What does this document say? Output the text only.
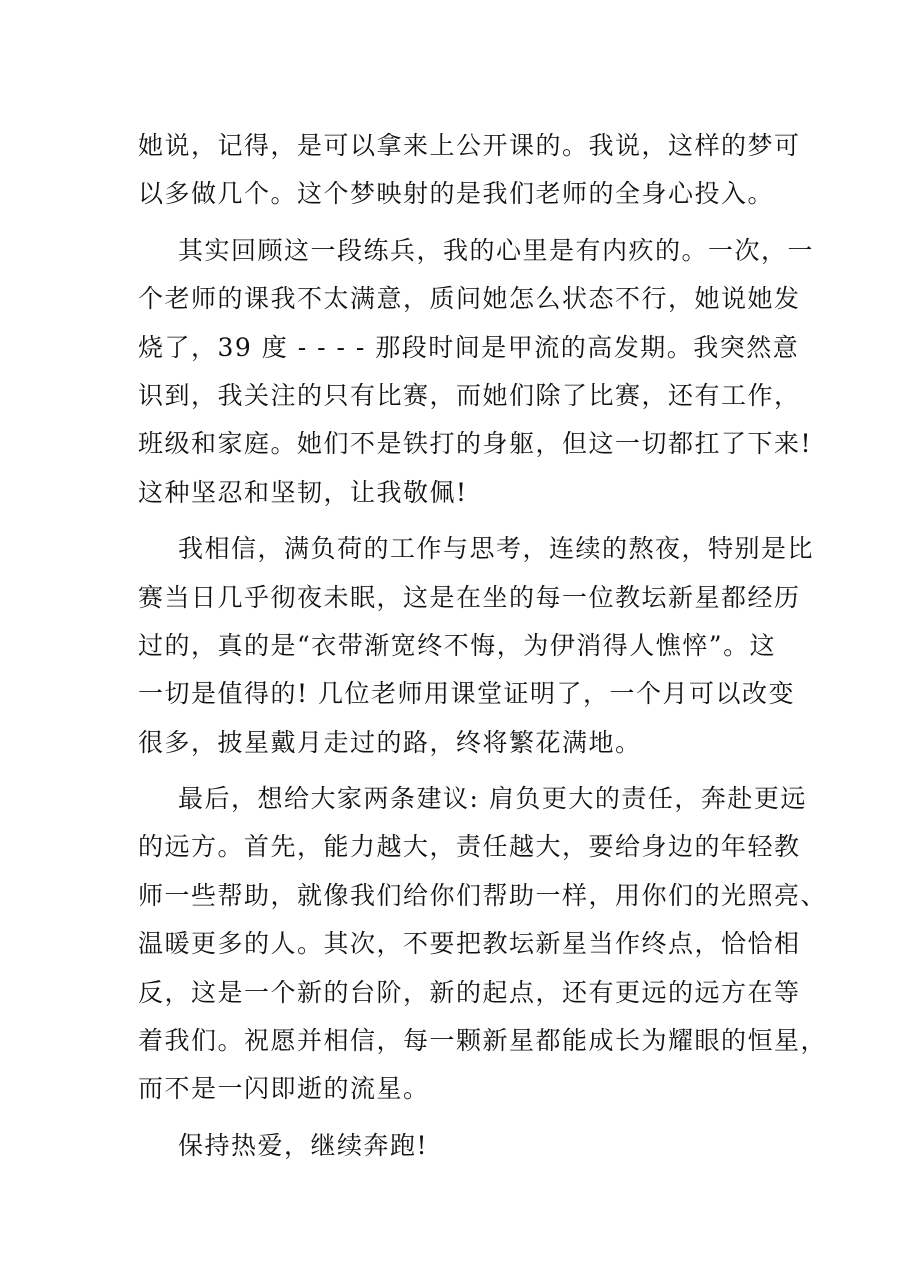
她说，记得，是可以拿来上公开课的。我说，这样的梦可
以多做几个。这个梦映射的是我们老师的全身心投入。
其实回顾这一段练兵，我的心里是有内疚的。一次，一
个老师的课我不太满意，质问她怎么状态不行，她说她发
烧了，39 度 - - - - 那段时间是甲流的高发期。我突然意
识到，我关注的只有比赛，而她们除了比赛，还有工作，
班级和家庭。她们不是铁打的身躯，但这一切都扛了下来!
这种坚忍和坚韧，让我敬佩!
我相信，满负荷的工作与思考，连续的熬夜，特别是比
赛当日几乎彻夜未眠，这是在坐的每一位教坛新星都经历
过的，真的是“衣带渐宽终不悔，为伊消得人憔悴”。这
一切是值得的! 几位老师用课堂证明了，一个月可以改变
很多，披星戴月走过的路，终将繁花满地。
最后，想给大家两条建议: 肩负更大的责任，奔赴更远
的远方。首先，能力越大，责任越大，要给身边的年轻教
师一些帮助，就像我们给你们帮助一样，用你们的光照亮、
温暖更多的人。其次，不要把教坛新星当作终点，恰恰相
反，这是一个新的台阶，新的起点，还有更远的远方在等
着我们。祝愿并相信，每一颗新星都能成长为耀眼的恒星，
而不是一闪即逝的流星。
保持热爱，继续奔跑!
